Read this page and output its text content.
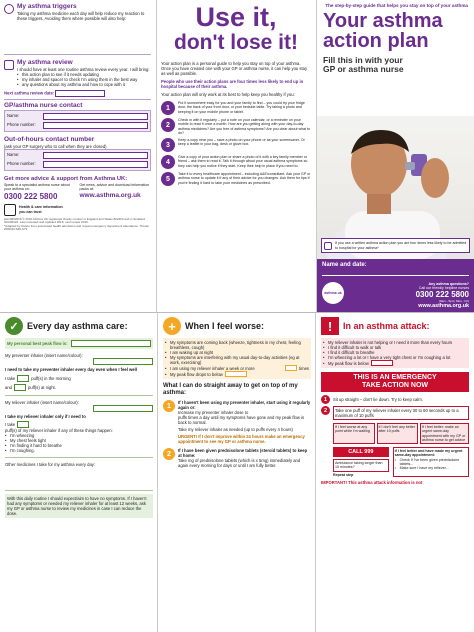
My asthma triggers
Taking my asthma medicine each day will help reduce my reaction to these triggers. Avoiding them where possible will also help:
My asthma review
I should have at least one routine asthma review every year. I will bring:
• this action plan to see if it needs updating
• my inhaler and spacer to check I'm using them in the best way
• any questions about my asthma and how to cope with it
Next asthma review date:
GP/asthma nurse contact
Name:
Phone number:
Out-of-hours contact number
(ask your GP surgery who to call when they are closed)
Name:
Phone number:
Get more advice & support from Asthma UK:
Speak to a specialist asthma nurse about your asthma on:
0300 222 5800
Get news, advice and download information packs at:
www.asthma.org.uk
Health & care information you can trust
HA10602016 © 2016 Asthma UK registered charity number in England and Wales 802364 and in Scotland SC039322. Last reviewed and updated 2016; next review 2019.
*Adapted by Hutton from associated health admission and repeat emergency department attendance. Thorax 2008;63:S95-S73
Use it,
don't lose it!
Your action plan is a personal guide to help you stay on top of your asthma. Once you have created one with your GP or asthma nurse, it can help you stay as well as possible.
People who use their action plans are four times less likely to end up in hospital because of their asthma.
Your action plan will only work at its best to help keep you healthy if you:
1
Put it somewhere easy for you and your family to find – you could try your fridge door, the back of your front door, or your bedside table. Try taking a photo and keeping it on your mobile phone or tablet.
2
Check in with it regularly – put a note on your calendar, or a reminder on your mobile to read it once a month. How are you getting along with your day-to-day asthma medicines? Are you free of asthma symptoms? Are you clear about what to do?
3
Keep a copy near you – save a photo on your phone or as your screensaver. Or keep a leaflet in your bag, desk or glove box.
4
Give a copy of your action plan or share a photo of it with a key family member or friend – ask them to read it. Talk it through about your usual asthma symptoms so they can help you notice if they start. Keep their help in place if you need to.
5
Take it to every healthcare appointment – including A&E/consultant. Ask your GP or asthma nurse to update it if any of their advice for you changes. Ask them for tips if you're finding it hard to take your medicines as prescribed.
The step-by-step guide that helps you stay on top of your asthma
Your asthma
action plan
Fill this in with your
GP or asthma nurse
If you use a written asthma action plan you are four times less likely to be admitted to hospital for your asthma*
Name and date:
asthma uk
Any asthma questions?
Call our friendly helpline nurses
0300 222 5800
(9am - 5pm; Mon - Fri)
www.asthma.org.uk
✓ Every day asthma care:
My personal best peak flow is:
My preventer inhaler (insert name/colour):
I need to take my preventer inhaler every day even when I feel well
I take	puff(s) in the morning
and	puff(s) at night.
My reliever inhaler (insert name/colour):
I take my reliever inhaler only if I need to
I take
puff(s) of my reliever inhaler if any of these things happen:
• I'm wheezing
• My chest feels tight
• I'm finding it hard to breathe
• I'm coughing.
Other medicines I take for my asthma every day:
With this daily routine I should expect/aim to have no symptoms. If I haven't had any symptoms or needed my reliever inhaler for at least 12 weeks, ask my GP or asthma nurse to review my medicines in case I can reduce the dose.
+	When I feel worse:
• My symptoms are coming back (wheeze, tightness in my chest, feeling breathless, cough)
• I am waking up at night
• My symptoms are interfering with my usual day-to-day activities (eg at work, exercising)
• I am using my reliever inhaler a week or more	times
• My peak flow drops to below
What I can do straight away to get on top of my asthma:
1	If I haven't been using my preventer inhaler, start using it regularly again or:
Increase my preventer inhaler dose to
puffs times a day until my symptoms have gone and my peak flow is back to normal.
Take my reliever inhaler as needed (up to puffs every 4 hours)
URGENT! If I don't improve within 24 hours make an emergency appointment to see my GP or asthma nurse.
2	If I have been given prednisolone tablets (steroid tablets) to keep at home:
Take mg of prednisolone tablets (which is x 5mg) immediately and again every morning for days or until I am fully better.
!	In an asthma attack:
• My reliever inhaler is not helping or I need it more than every hours
• I find it difficult to walk or talk
• I find it difficult to breathe
• I'm wheezing a lot or I have a very tight chest or I'm coughing a lot
• My peak flow is below
THIS IS AN EMERGENCY
TAKE ACTION NOW
1	Sit up straight – don't lie down. Try to keep calm.
2	Take one puff of my reliever inhaler every 30 to 60 seconds up to a maximum of 10 puffs
If I feel worse at any point while I'm waiting
If I don't feel any better after 10 puffs
If I feel better: make an urgent same-day appointment with my GP or asthma nurse to get advice
CALL 999
Ambulance taking longer than 15 minutes?
Repeat step
If I feel better and have made my urgent same-day appointment:
• Check if I've been given prednisolone tablets...
• Make sure I have my reliever...
IMPORTANT! This asthma attack information is not
